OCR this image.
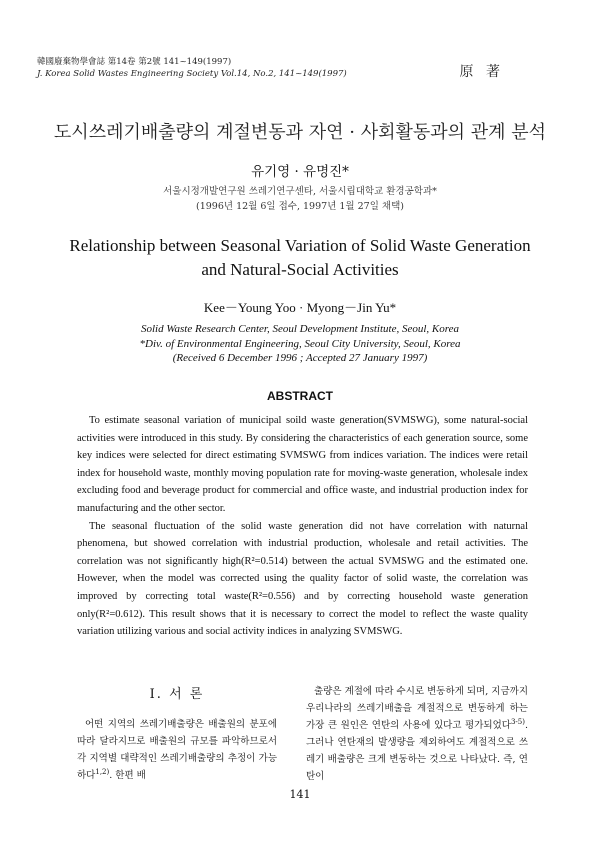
韓國廢棄物學會誌 第14卷 第2號 141~149(1997)
J. Korea Solid Wastes Engineering Society Vol.14, No.2, 141~149(1997)	原 著
도시쓰레기배출량의 계절변동과 자연 · 사회활동과의 관계 분석
유기영 · 유명진*
서울시정개발연구원 쓰레기연구센타, 서울시립대학교 환경공학과*
(1996년 12월 6일 접수, 1997년 1월 27일 채택)
Relationship between Seasonal Variation of Solid Waste Generation
and Natural-Social Activities
Kee－Young Yoo · Myong－Jin Yu*
Solid Waste Research Center, Seoul Development Institute, Seoul, Korea
*Div. of Environmental Engineering, Seoul City University, Seoul, Korea
(Received 6 December 1996 ; Accepted 27 January 1997)
ABSTRACT

To estimate seasonal variation of municipal soild waste generation(SVMSWG), some natural-social activities were introduced in this study. By considering the characteristics of each generation source, some key indices were selected for direct estimating SVMSWG from indices variation. The indices were retail index for household waste, monthly moving population rate for moving-waste generation, wholesale index excluding food and beverage product for commercial and office waste, and industrial production index for manufacturing and the other sector.

The seasonal fluctuation of the solid waste generation did not have correlation with naturnal phenomena, but showed correlation with industrial production, wholesale and retail activities. The correlation was not significantly high(R²=0.514) between the actual SVMSWG and the estimated one. However, when the model was corrected using the quality factor of solid waste, the correlation was improved by correcting total waste(R²=0.556) and by correcting household waste generation only(R²=0.612). This result shows that it is necessary to correct the model to reflect the waste quality variation utilizing various and social activity indices in analyzing SVMSWG.

Ⅰ. 서 론

어떤 지역의 쓰레기배출량은 배출원의 분포에 따라 달라지므로 배출원의 규모를 파악하므로서 각 지역별 대략적인 쓰레기배출량의 추정이 가능하다$^{1,2)}$. 한편 배

출량은 계절에 따라 수시로 변동하게 되며, 지금까지 우리나라의 쓰레기배출을 계절적으로 변동하게 하는 가장 큰 원인은 연탄의 사용에 있다고 평가되었다$^{3-5)}$. 그러나 연탄재의 발생량을 제외하여도 계절적으로 쓰레기 배출량은 크게 변동하는 것으로 나타났다. 즉, 연탄이

141
